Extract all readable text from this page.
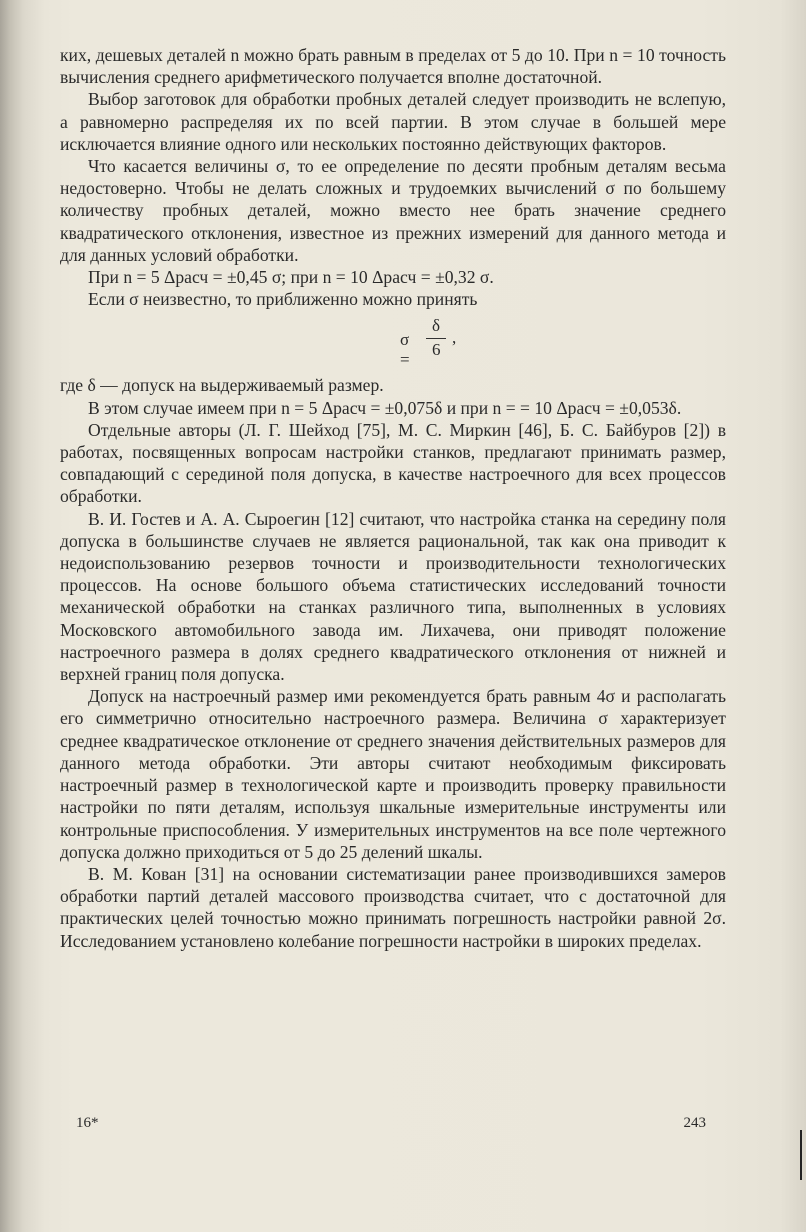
ких, дешевых деталей n можно брать равным в пределах от 5 до 10. При n = 10 точность вычисления среднего арифметического получается вполне достаточной.

Выбор заготовок для обработки пробных деталей следует производить не вслепую, а равномерно распределяя их по всей партии. В этом случае в большей мере исключается влияние одного или нескольких постоянно действующих факторов.

Что касается величины σ, то ее определение по десяти пробным деталям весьма недостоверно. Чтобы не делать сложных и трудоемких вычислений σ по большему количеству пробных деталей, можно вместо нее брать значение среднего квадратического отклонения, известное из прежних измерений для данного метода и для данных условий обработки.

При n = 5 Δрасч = ±0,45 σ; при n = 10 Δрасч = ±0,32 σ.

Если σ неизвестно, то приближенно можно принять

σ =
δ
6
,

где δ — допуск на выдерживаемый размер.

В этом случае имеем при n = 5 Δрасч = ±0,075δ и при n = = 10 Δрасч = ±0,053δ.

Отдельные авторы (Л. Г. Шейход [75], М. С. Миркин [46], Б. С. Байбуров [2]) в работах, посвященных вопросам настройки станков, предлагают принимать размер, совпадающий с серединой поля допуска, в качестве настроечного для всех процессов обработки.

В. И. Гостев и А. А. Сыроегин [12] считают, что настройка станка на середину поля допуска в большинстве случаев не является рациональной, так как она приводит к недоиспользованию резервов точности и производительности технологических процессов. На основе большого объема статистических исследований точности механической обработки на станках различного типа, выполненных в условиях Московского автомобильного завода им. Лихачева, они приводят положение настроечного размера в долях среднего квадратического отклонения от нижней и верхней границ поля допуска.

Допуск на настроечный размер ими рекомендуется брать равным 4σ и располагать его симметрично относительно настроечного размера. Величина σ характеризует среднее квадратическое отклонение от среднего значения действительных размеров для данного метода обработки. Эти авторы считают необходимым фиксировать настроечный размер в технологической карте и производить проверку правильности настройки по пяти деталям, используя шкальные измерительные инструменты или контрольные приспособления. У измерительных инструментов на все поле чертежного допуска должно приходиться от 5 до 25 делений шкалы.

В. М. Кован [31] на основании систематизации ранее производившихся замеров обработки партий деталей массового производства считает, что с достаточной для практических целей точностью можно принимать погрешность настройки равной 2σ. Исследованием установлено колебание погрешности настройки в широких пределах.

16*	243
